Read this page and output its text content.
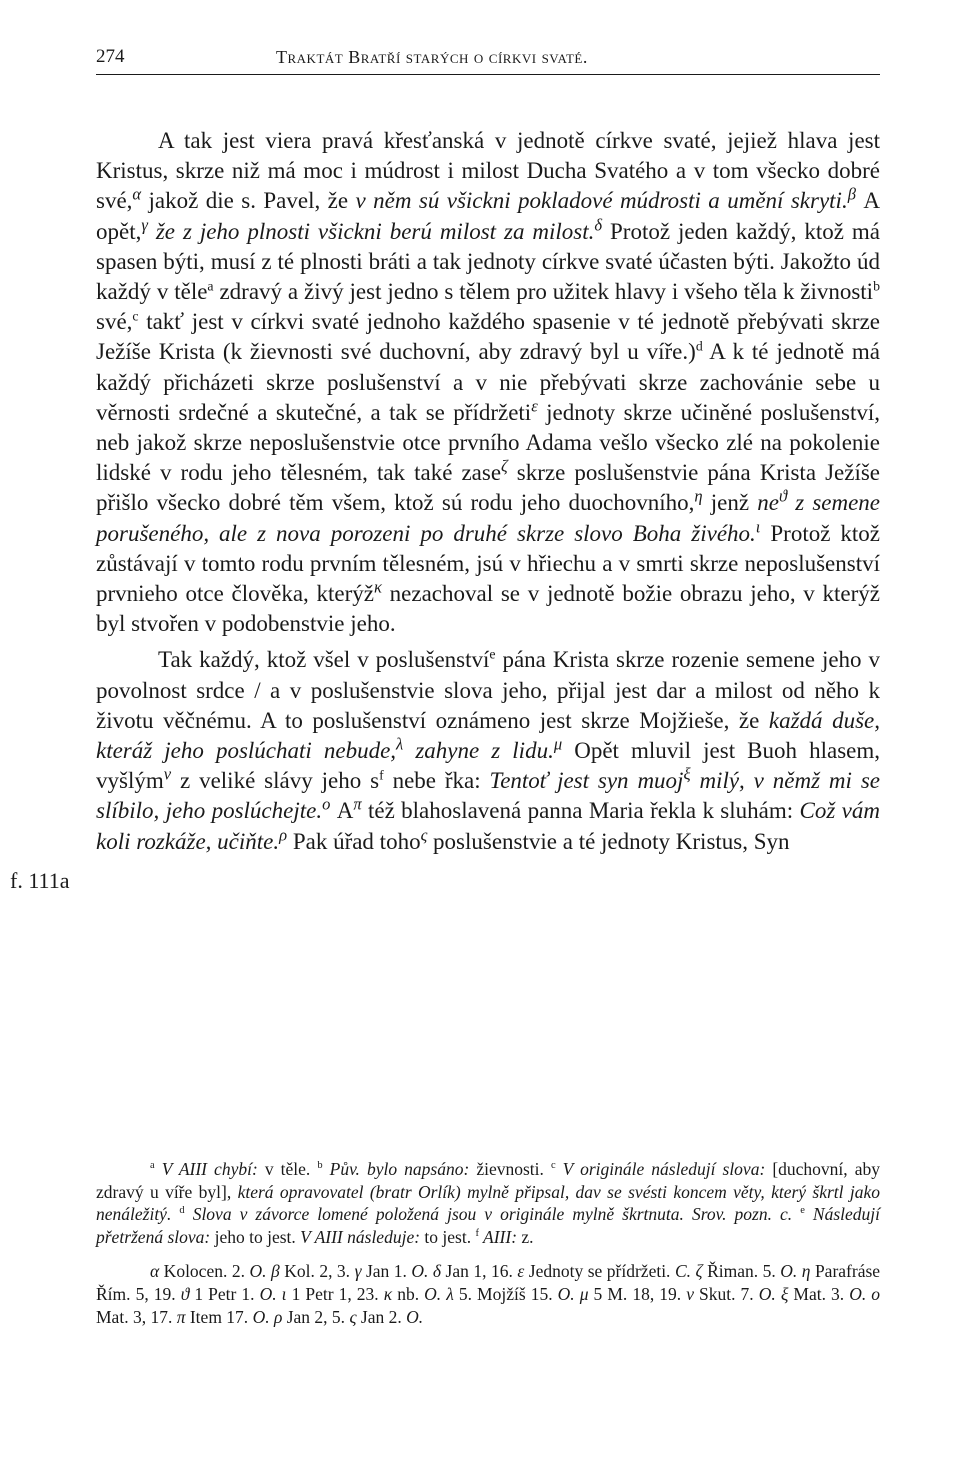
274	Traktát Bratří starých o církvi svaté.
f. 111a

A tak jest viera pravá křesťanská v jednotě církve svaté, jejiež hlava jest Kristus, skrze niž má moc i múdrost i milost Ducha Svatého a v tom všecko dobré své,$^\alpha$ jakož die s. Pavel, že v něm sú všickni pokladové múdrosti a umění skryti.$^\beta$ A opět,$^\gamma$ že z jeho plnosti všickni berú milost za milost.$^\delta$ Protož jeden každý, ktož má spasen býti, musí z té plnosti bráti a tak jednoty církve svaté účasten býti. Jakožto úd každý v těle$^a$ zdravý a živý jest jedno s tělem pro užitek hlavy i všeho těla k živnosti$^b$ své,$^c$ takť jest v církvi svaté jednoho každého spasenie v té jednotě přebývati skrze Ježíše Krista (k žievnosti své duchovní, aby zdravý byl u víře.)$^d$ A k té jednotě má každý přicházeti skrze poslušenství a v nie přebývati skrze zachovánie sebe u věrnosti srdečné a skutečné, a tak se přídržeti$^\varepsilon$ jednoty skrze učiněné poslušenství, neb jakož skrze neposlušenstvie otce prvního Adama vešlo všecko zlé na pokolenie lidské v rodu jeho tělesném, tak také zase$^\zeta$ skrze poslušenstvie pána Krista Ježíše přišlo všecko dobré těm všem, ktož sú rodu jeho duochovního,$^\eta$ jenž $ne^ϑ$ z semene porušeného, ale z nova porozeni po druhé skrze slovo Boha živého.$^\iota$ Protož ktož zůstávají v tomto rodu prvním tělesném, jsú v hřiechu a v smrti skrze neposlušenství prvnieho otce člověka, kterýž$^\kappa$ nezachoval se v jednotě božie obrazu jeho, v kterýž byl stvořen v podobenstvie jeho.

Tak každý, ktož všel v poslušenství$^e$ pána Krista skrze rozenie semene jeho v povolnost srdce / a v poslušenstvie slova jeho, přijal jest dar a milost od něho k životu věčnému. A to poslušenství oznámeno jest skrze Mojžieše, že každá duše, kteráž jeho poslúchati nebude,$^\lambda$ zahyne z lidu.$^\mu$ Opět mluvil jest Buoh hlasem, vyšlým$^\nu$ z veliké slávy jeho $s^f$ nebe řka: Tentoť jest syn muoj$^\xi$ milý, v němž mi se slíbilo, jeho poslúchejte.$^o$ $A^\pi$ též blahoslavená panna Maria řekla k sluhám: Což vám koli rozkáže, učiňte.$^\rho$ Pak úřad toho$^\varsigma$ poslušenstvie a té jednoty Kristus, Syn

$^a$ V AIII chybí: v těle. $^b$ Pův. bylo napsáno: žievnosti. $^c$ V originále následují slova: [duchovní, aby zdravý u víře byl], která opravovatel (bratr Orlík) mylně připsal, dav se svésti koncem věty, který škrtl jako nenáležitý. $^d$ Slova v závorce lomené položená jsou v originále mylně škrtnuta. Srov. pozn. c. $^e$ Následují přetržená slova: jeho to jest. V AIII následuje: to jest. $^f$ AIII: z.

α Kolocen. 2. O. β Kol. 2, 3. γ Jan 1. O. δ Jan 1, 16. ε Jednoty se přídržeti. C. ζ Řiman. 5. O. η Parafráse Řím. 5, 19. ϑ 1 Petr 1. O. ι 1 Petr 1, 23. κ nb. O. λ 5. Mojžíš 15. O. μ 5 M. 18, 19. ν Skut. 7. O. ξ Mat. 3. O. ο Mat. 3, 17. π Item 17. O. ρ Jan 2, 5. ς Jan 2. O.
